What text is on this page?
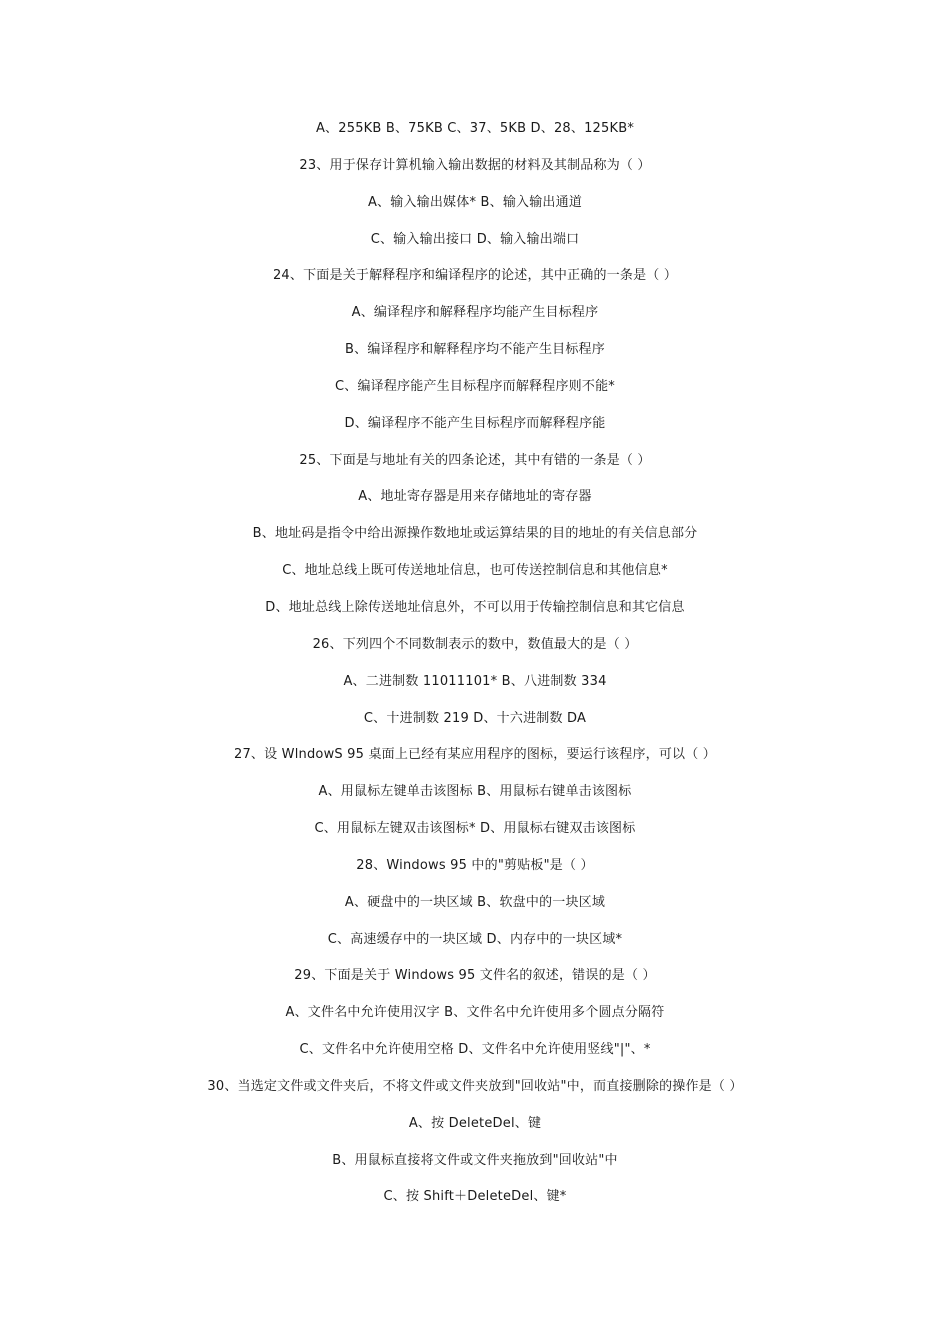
A、255KB B、75KB C、37、5KB D、28、125KB*
23、用于保存计算机输入输出数据的材料及其制品称为（ ）
A、输入输出媒体* B、输入输出通道
C、输入输出接口 D、输入输出端口
24、下面是关于解释程序和编译程序的论述，其中正确的一条是（ ）
A、编译程序和解释程序均能产生目标程序
B、编译程序和解释程序均不能产生目标程序
C、编译程序能产生目标程序而解释程序则不能*
D、编译程序不能产生目标程序而解释程序能
25、下面是与地址有关的四条论述，其中有错的一条是（ ）
A、地址寄存器是用来存储地址的寄存器
B、地址码是指令中给出源操作数地址或运算结果的目的地址的有关信息部分
C、地址总线上既可传送地址信息，也可传送控制信息和其他信息*
D、地址总线上除传送地址信息外，不可以用于传输控制信息和其它信息
26、下列四个不同数制表示的数中，数值最大的是（ ）
A、二进制数 11011101* B、八进制数 334
C、十进制数 219 D、十六进制数 DA
27、设 WlndowS 95 桌面上已经有某应用程序的图标，要运行该程序，可以（ ）
A、用鼠标左键单击该图标 B、用鼠标右键单击该图标
C、用鼠标左键双击该图标* D、用鼠标右键双击该图标
28、Windows 95 中的"剪贴板"是（ ）
A、硬盘中的一块区域 B、软盘中的一块区域
C、高速缓存中的一块区域 D、内存中的一块区域*
29、下面是关于 Windows 95 文件名的叙述，错误的是（ ）
A、文件名中允许使用汉字 B、文件名中允许使用多个圆点分隔符
C、文件名中允许使用空格 D、文件名中允许使用竖线"|"、*
30、当选定文件或文件夹后，不将文件或文件夹放到"回收站"中，而直接删除的操作是（ ）
A、按 DeleteDel、键
B、用鼠标直接将文件或文件夹拖放到"回收站"中
C、按 Shift＋DeleteDel、键*
